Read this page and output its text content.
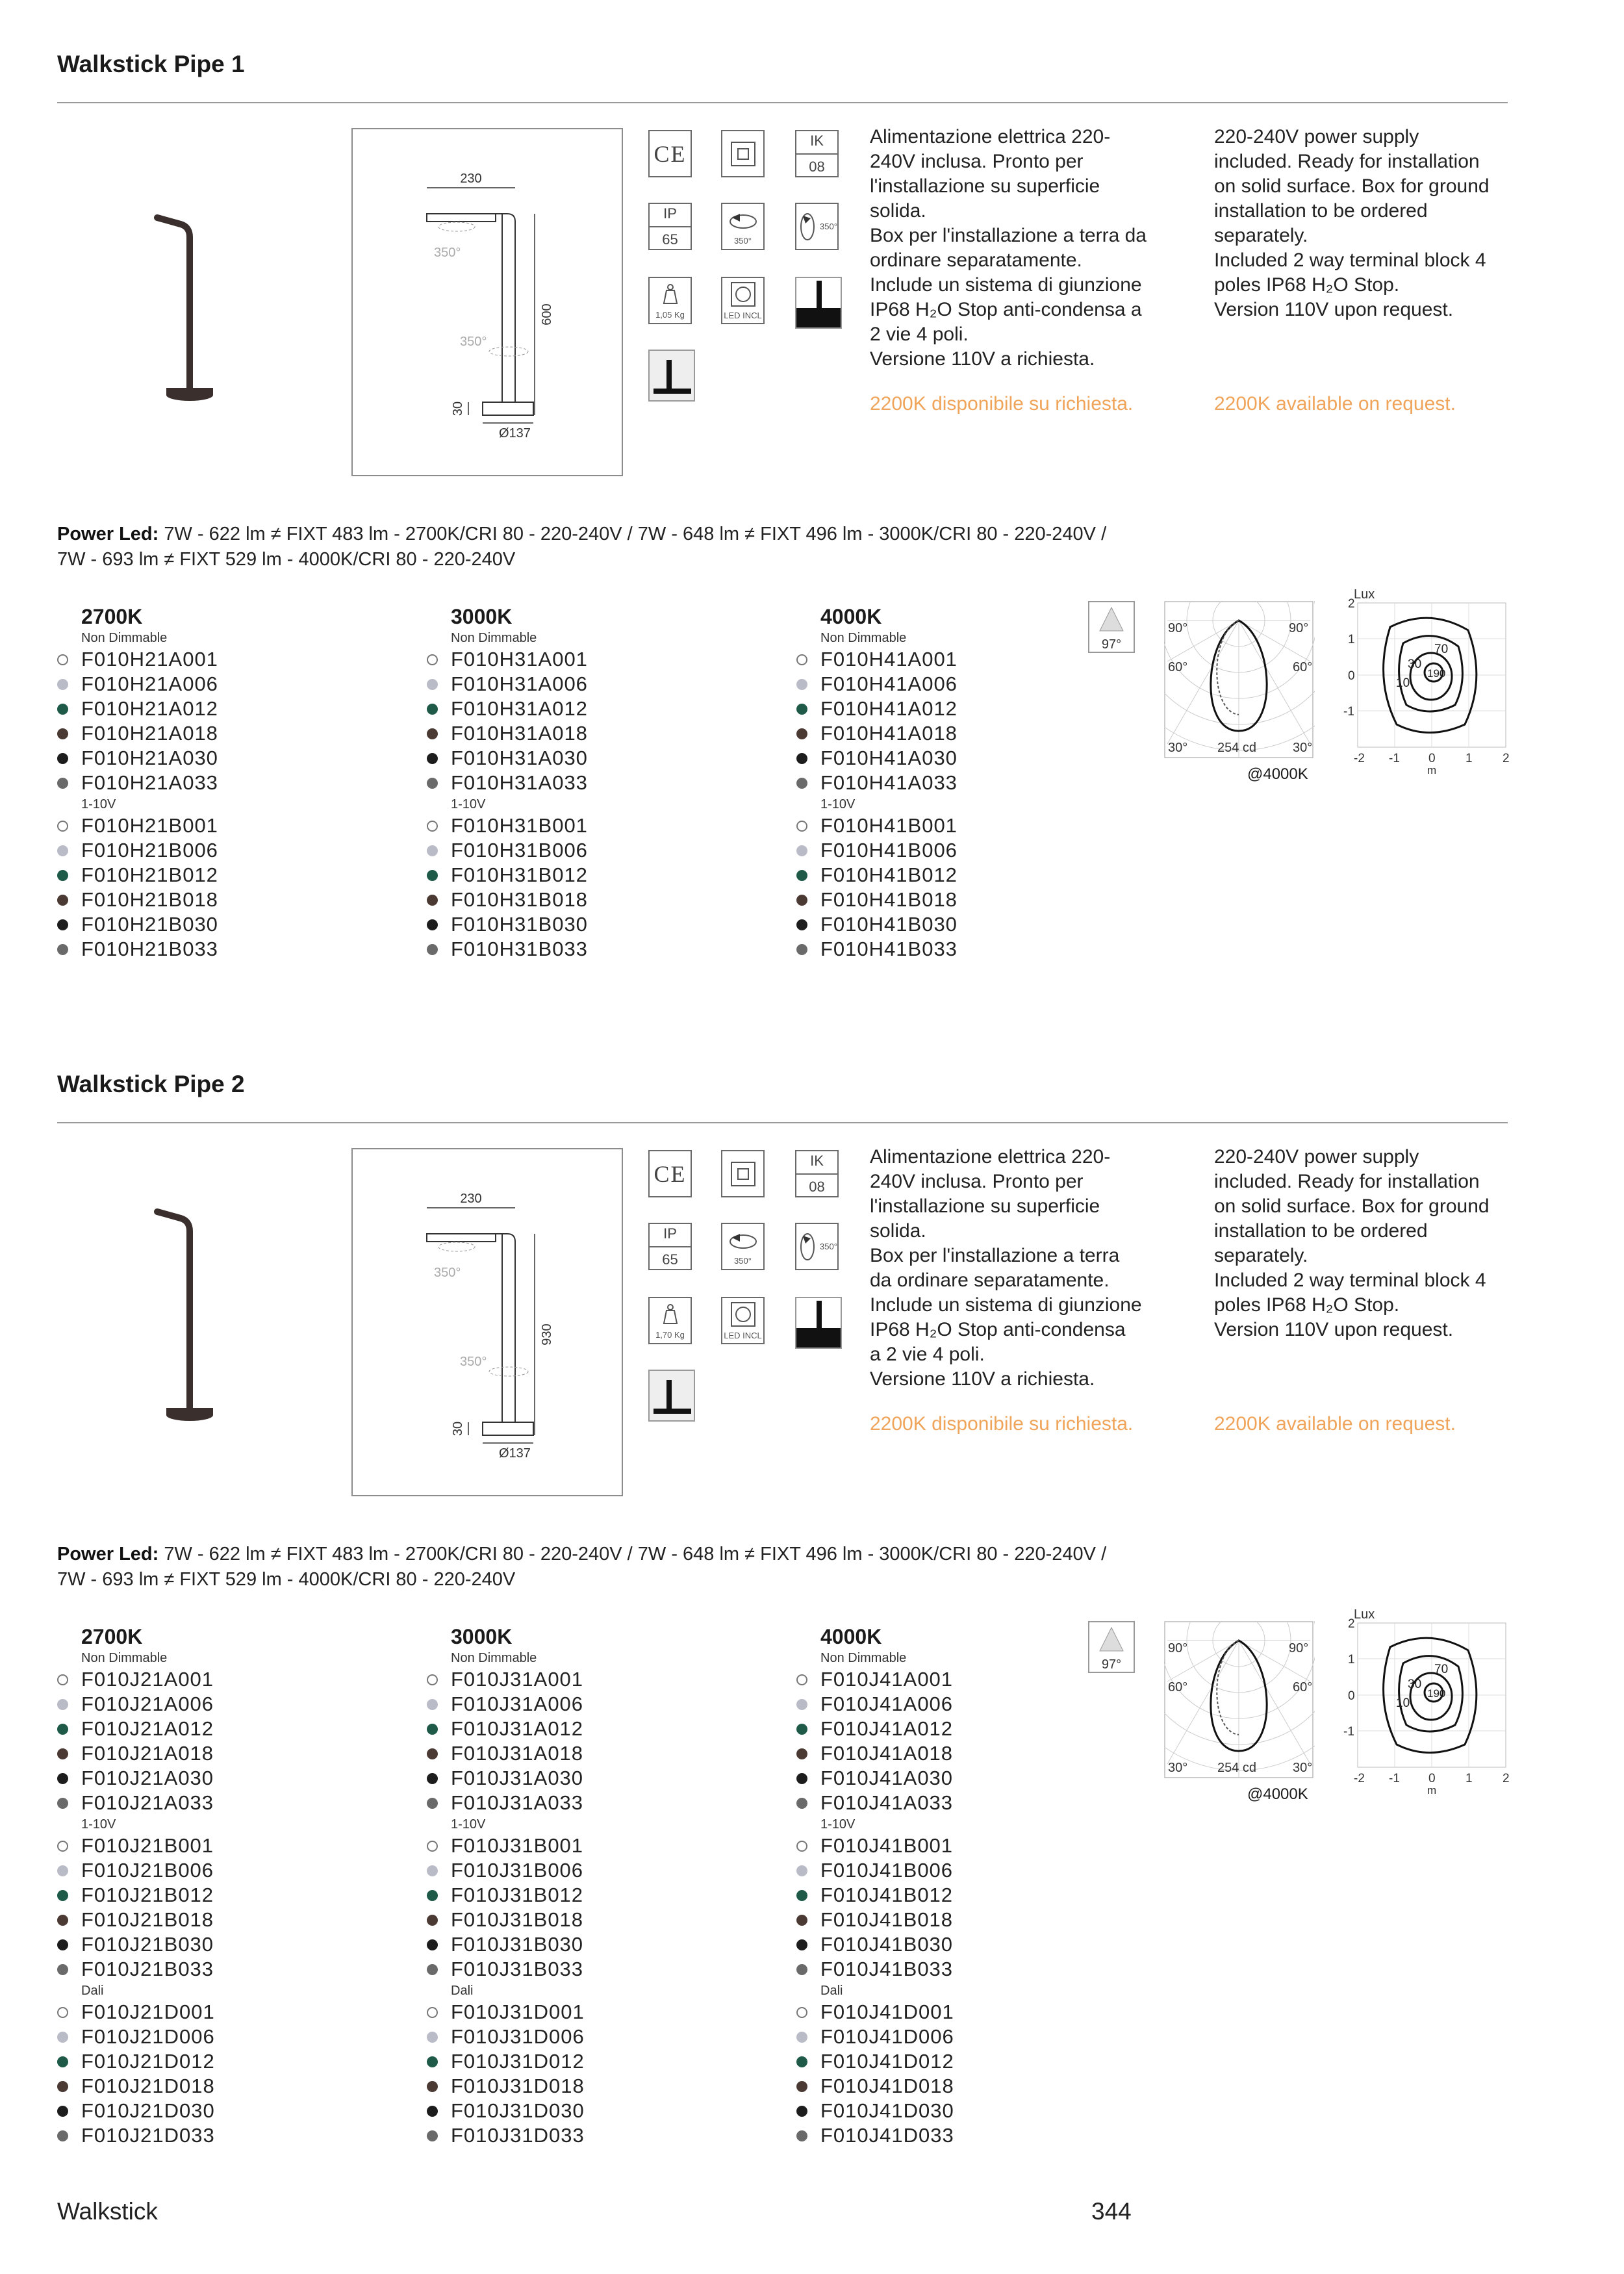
Walkstick Pipe 1
230
350°
350°
600
30
Ø137
CE
IK
08
IP
65	350°
350°
1,05 Kg	LED INCL

Alimentazione elettrica 220-

240V inclusa. Pronto per

l'installazione su superficie

solida.

Box per l'installazione a terra da

ordinare separatamente.

Include un sistema di giunzione

IP68 H₂O Stop anti-condensa a

2 vie 4 poli.

Versione 110V a richiesta.

220-240V power supply

included. Ready for installation

on solid surface. Box for ground

installation to be ordered

separately.

Included 2 way terminal block 4

poles IP68 H₂O Stop.

Version 110V upon request.

2200K disponibile su richiesta.	2200K available on request.
Power Led: 7W - 622 lm ≠ FIXT 483 lm - 2700K/CRI 80 - 220-240V / 7W - 648 lm ≠ FIXT 496 lm - 3000K/CRI 80 - 220-240V /
7W - 693 lm ≠ FIXT 529 lm - 4000K/CRI 80 - 220-240V
2700K
Non Dimmable
F010H21A001
F010H21A006
F010H21A012
F010H21A018
F010H21A030
F010H21A033
1-10V
F010H21B001
F010H21B006
F010H21B012
F010H21B018
F010H21B030
F010H21B033
3000K
Non Dimmable
F010H31A001
F010H31A006
F010H31A012
F010H31A018
F010H31A030
F010H31A033
1-10V
F010H31B001
F010H31B006
F010H31B012
F010H31B018
F010H31B030
F010H31B033
4000K
Non Dimmable
F010H41A001
F010H41A006
F010H41A012
F010H41A018
F010H41A030
F010H41A033
1-10V
F010H41B001
F010H41B006
F010H41B012
F010H41B018
F010H41B030
F010H41B033
97°
90°	90°
60°	60°
30° 254 cd	30°
@4000K
Lux
70
30
10
190
2
1
0
-1
-2 -1 0 1 2
m
Walkstick Pipe 2
230
350°
350°
930
30
Ø137
CE
IK
08
IP
65	350°
350°
1,70 Kg	LED INCL

Alimentazione elettrica 220-

240V inclusa. Pronto per

l'installazione su superficie

solida.

Box per l'installazione a terra

da ordinare separatamente.

Include un sistema di giunzione

IP68 H₂O Stop anti-condensa

a 2 vie 4 poli.

Versione 110V a richiesta.

220-240V power supply

included. Ready for installation

on solid surface. Box for ground

installation to be ordered

separately.

Included 2 way terminal block 4

poles IP68 H₂O Stop.

Version 110V upon request.

2200K disponibile su richiesta.	2200K available on request.
Power Led: 7W - 622 lm ≠ FIXT 483 lm - 2700K/CRI 80 - 220-240V / 7W - 648 lm ≠ FIXT 496 lm - 3000K/CRI 80 - 220-240V /
7W - 693 lm ≠ FIXT 529 lm - 4000K/CRI 80 - 220-240V
2700K
Non Dimmable
F010J21A001
F010J21A006
F010J21A012
F010J21A018
F010J21A030
F010J21A033
1-10V
F010J21B001
F010J21B006
F010J21B012
F010J21B018
F010J21B030
F010J21B033
Dali
F010J21D001
F010J21D006
F010J21D012
F010J21D018
F010J21D030
F010J21D033
3000K
Non Dimmable
F010J31A001
F010J31A006
F010J31A012
F010J31A018
F010J31A030
F010J31A033
1-10V
F010J31B001
F010J31B006
F010J31B012
F010J31B018
F010J31B030
F010J31B033
Dali
F010J31D001
F010J31D006
F010J31D012
F010J31D018
F010J31D030
F010J31D033
4000K
Non Dimmable
F010J41A001
F010J41A006
F010J41A012
F010J41A018
F010J41A030
F010J41A033
1-10V
F010J41B001
F010J41B006
F010J41B012
F010J41B018
F010J41B030
F010J41B033
Dali
F010J41D001
F010J41D006
F010J41D012
F010J41D018
F010J41D030
F010J41D033
97°
90°	90°
60°	60°
30° 254 cd	30°
@4000K
Lux
70
30
10
190
2
1
0
-1
-2 -1 0 1 2
m
Walkstick	344
